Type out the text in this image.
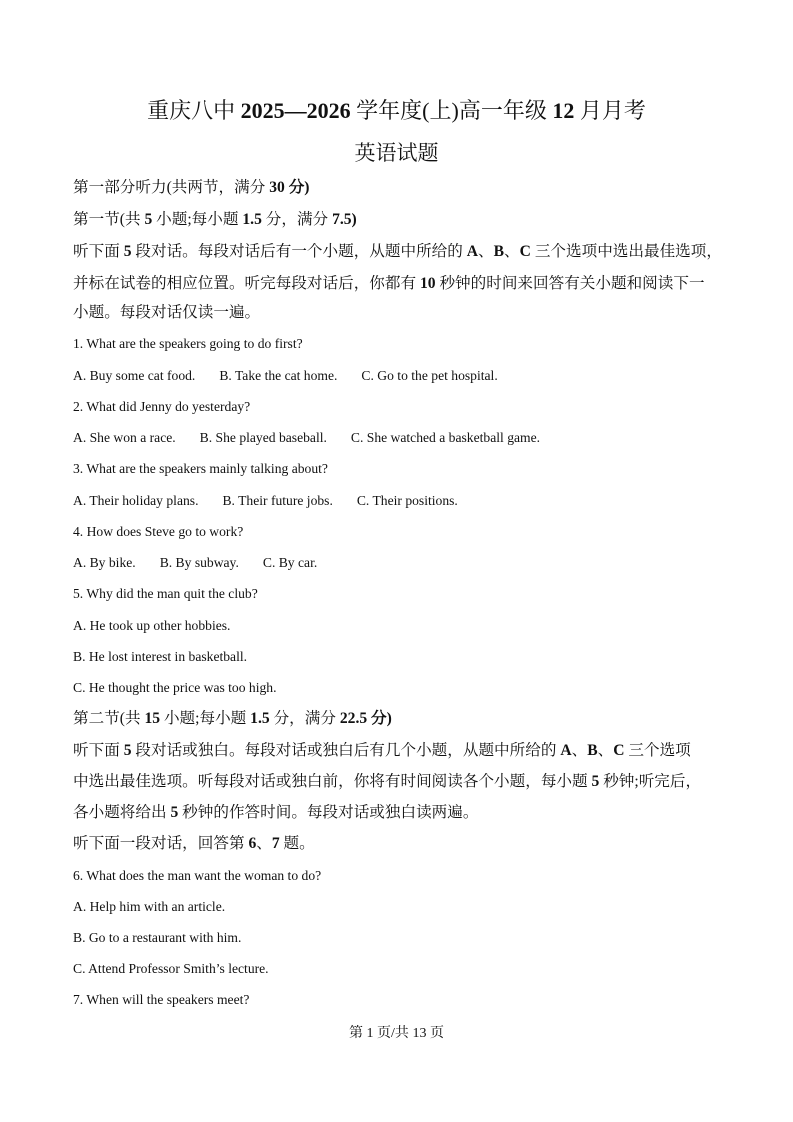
重庆八中 2025—2026 学年度(上)高一年级 12 月月考
英语试题
第一部分听力(共两节，满分 30 分)
第一节(共 5 小题;每小题 1.5 分，满分 7.5)
听下面 5 段对话。每段对话后有一个小题，从题中所给的 A、B、C 三个选项中选出最佳选项，
并标在试卷的相应位置。听完每段对话后，你都有 10 秒钟的时间来回答有关小题和阅读下一
小题。每段对话仅读一遍。
1. What are the speakers going to do first?
A. Buy some cat food. B. Take the cat home. C. Go to the pet hospital.
2. What did Jenny do yesterday?
A. She won a race. B. She played baseball. C. She watched a basketball game.
3. What are the speakers mainly talking about?
A. Their holiday plans. B. Their future jobs. C. Their positions.
4. How does Steve go to work?
A. By bike. B. By subway. C. By car.
5. Why did the man quit the club?
A. He took up other hobbies.
B. He lost interest in basketball.
C. He thought the price was too high.
第二节(共 15 小题;每小题 1.5 分，满分 22.5 分)
听下面 5 段对话或独白。每段对话或独白后有几个小题，从题中所给的 A、B、C 三个选项
中选出最佳选项。听每段对话或独白前，你将有时间阅读各个小题，每小题 5 秒钟;听完后，
各小题将给出 5 秒钟的作答时间。每段对话或独白读两遍。
听下面一段对话，回答第 6、7 题。
6. What does the man want the woman to do?
A. Help him with an article.
B. Go to a restaurant with him.
C. Attend Professor Smith’s lecture.
7. When will the speakers meet?
第 1 页/共 13 页
